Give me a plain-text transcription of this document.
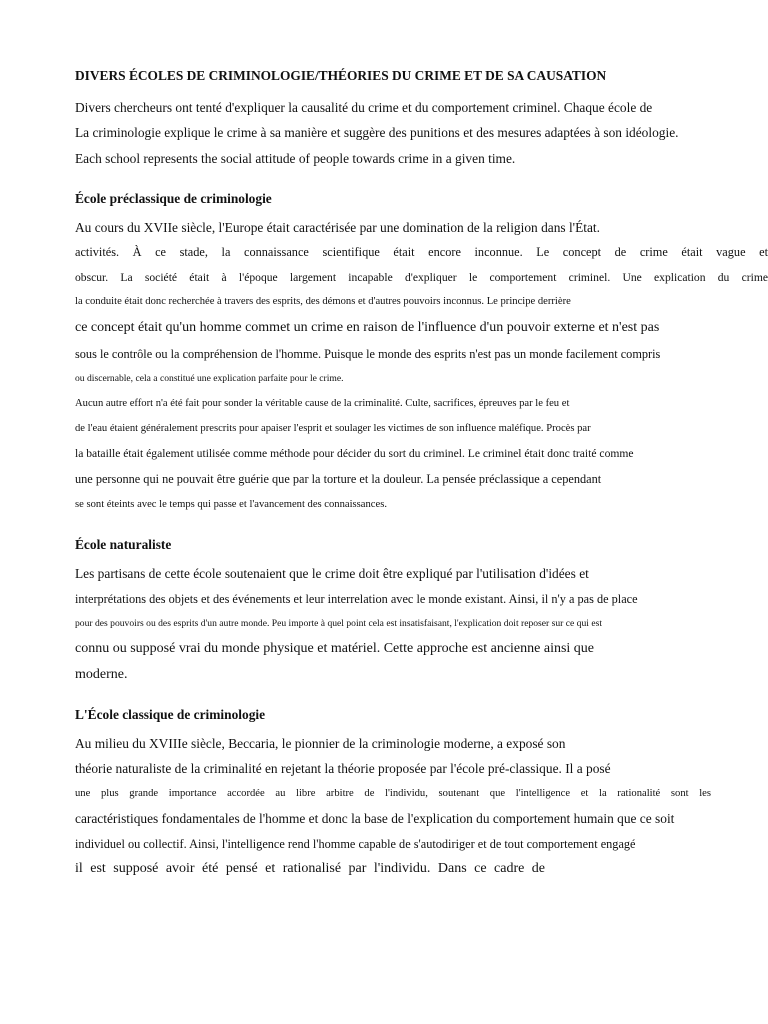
DIVERS ÉCOLES DE CRIMINOLOGIE/THÉORIES DU CRIME ET DE SA CAUSATION
Divers chercheurs ont tenté d'expliquer la causalité du crime et du comportement criminel. Chaque école de
La criminologie explique le crime à sa manière et suggère des punitions et des mesures adaptées à son idéologie.
Each school represents the social attitude of people towards crime in a given time.
École préclassique de criminologie
Au cours du XVIIe siècle, l'Europe était caractérisée par une domination de la religion dans l'État.
activités. À ce stade, la connaissance scientifique était encore inconnue. Le concept de crime était vague et
obscur. La société était à l'époque largement incapable d'expliquer le comportement criminel. Une explication du crime
la conduite était donc recherchée à travers des esprits, des démons et d'autres pouvoirs inconnus. Le principe derrière
ce concept était qu'un homme commet un crime en raison de l'influence d'un pouvoir externe et n'est pas
sous le contrôle ou la compréhension de l'homme. Puisque le monde des esprits n'est pas un monde facilement compris
ou discernable, cela a constitué une explication parfaite pour le crime.
Aucun autre effort n'a été fait pour sonder la véritable cause de la criminalité. Culte, sacrifices, épreuves par le feu et
de l'eau étaient généralement prescrits pour apaiser l'esprit et soulager les victimes de son influence maléfique. Procès par
la bataille était également utilisée comme méthode pour décider du sort du criminel. Le criminel était donc traité comme
une personne qui ne pouvait être guérie que par la torture et la douleur. La pensée préclassique a cependant
se sont éteints avec le temps qui passe et l'avancement des connaissances.
École naturaliste
Les partisans de cette école soutenaient que le crime doit être expliqué par l'utilisation d'idées et
interprétations des objets et des événements et leur interrelation avec le monde existant. Ainsi, il n'y a pas de place
pour des pouvoirs ou des esprits d'un autre monde. Peu importe à quel point cela est insatisfaisant, l'explication doit reposer sur ce qui est
connu ou supposé vrai du monde physique et matériel. Cette approche est ancienne ainsi que
moderne.
L'École classique de criminologie
Au milieu du XVIIIe siècle, Beccaria, le pionnier de la criminologie moderne, a exposé son
théorie naturaliste de la criminalité en rejetant la théorie proposée par l'école pré-classique. Il a posé
une plus grande importance accordée au libre arbitre de l'individu, soutenant que l'intelligence et la rationalité sont les
caractéristiques fondamentales de l'homme et donc la base de l'explication du comportement humain que ce soit
individuel ou collectif. Ainsi, l'intelligence rend l'homme capable de s'autodiriger et de tout comportement engagé
il est supposé avoir été pensé et rationalisé par l'individu. Dans ce cadre de
